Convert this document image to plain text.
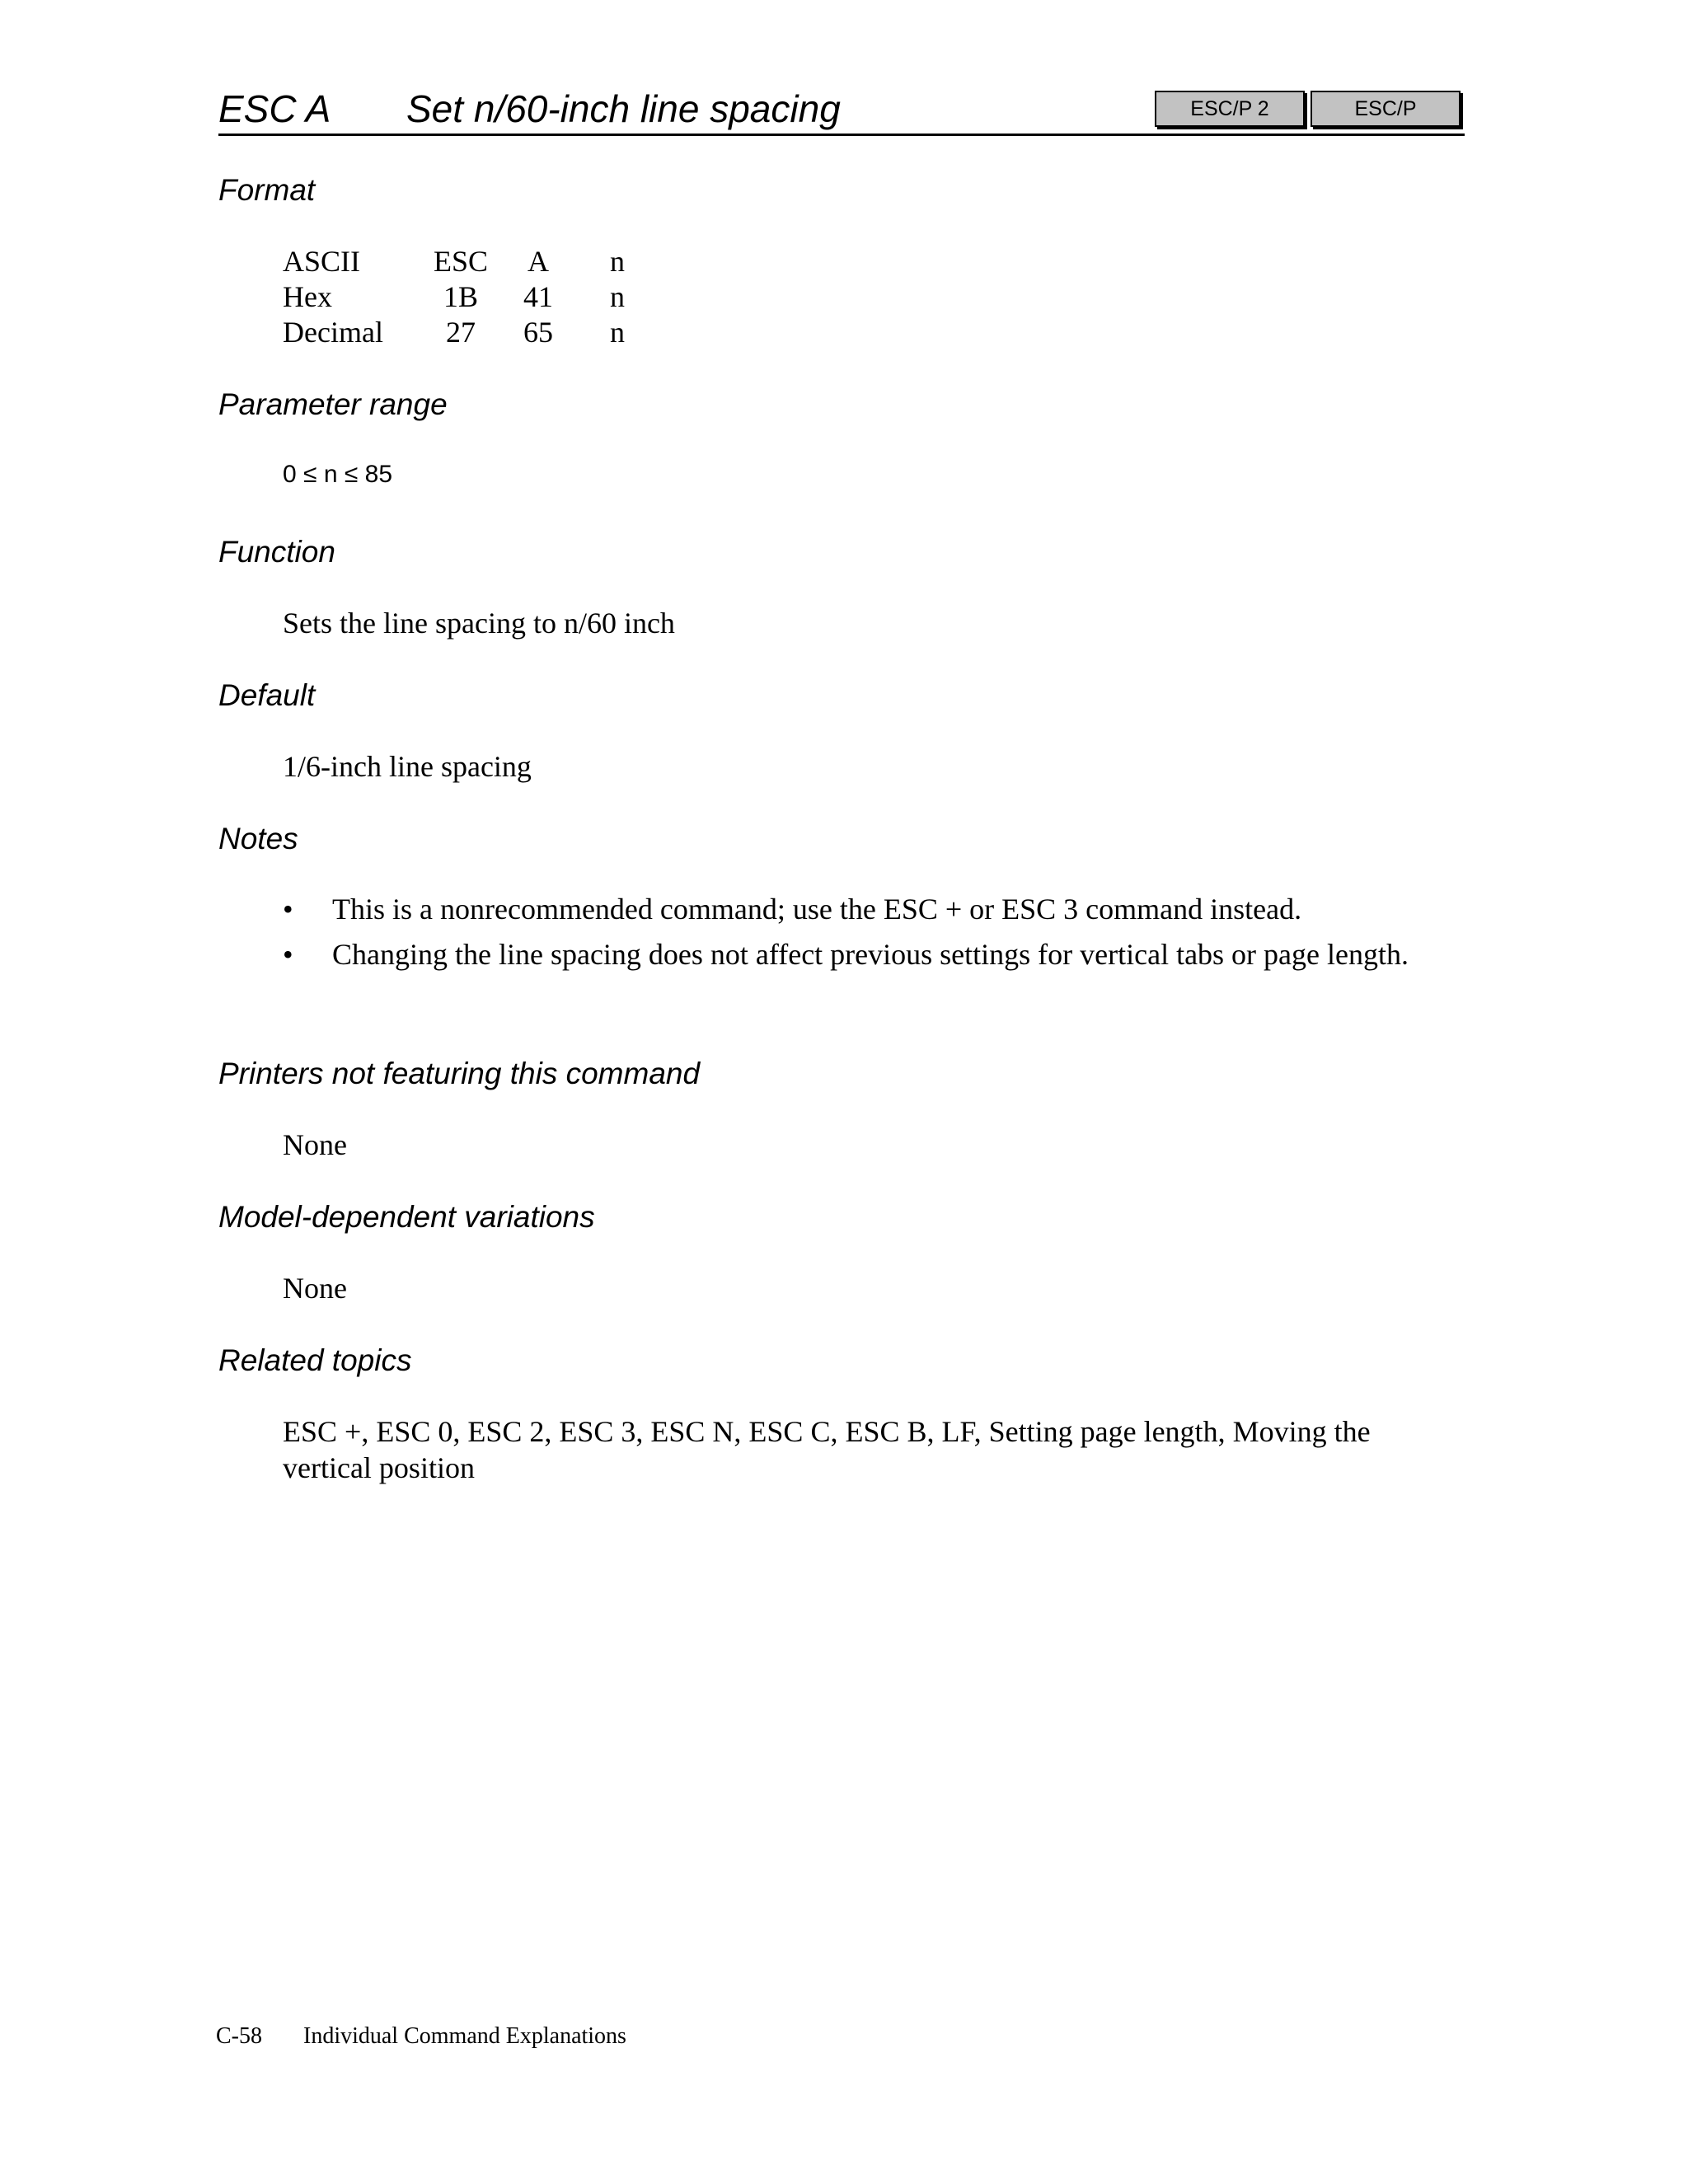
ESC A Set n/60-inch line spacing	ESC/P 2	ESC/P
Format
ASCII	ESC	A	n
Hex	1B	41	n
Decimal	27	65	n
Parameter range
0 ≤ n ≤ 85
Function
Sets the line spacing to n/60 inch
Default
1/6-inch line spacing
Notes
• This is a nonrecommended command; use the ESC + or ESC 3 command instead.
• Changing the line spacing does not affect previous settings for vertical tabs or page length.
Printers not featuring this command
None
Model-dependent variations
None
Related topics
ESC +, ESC 0, ESC 2, ESC 3, ESC N, ESC C, ESC B, LF, Setting page length, Moving the vertical position
C-58 Individual Command Explanations
